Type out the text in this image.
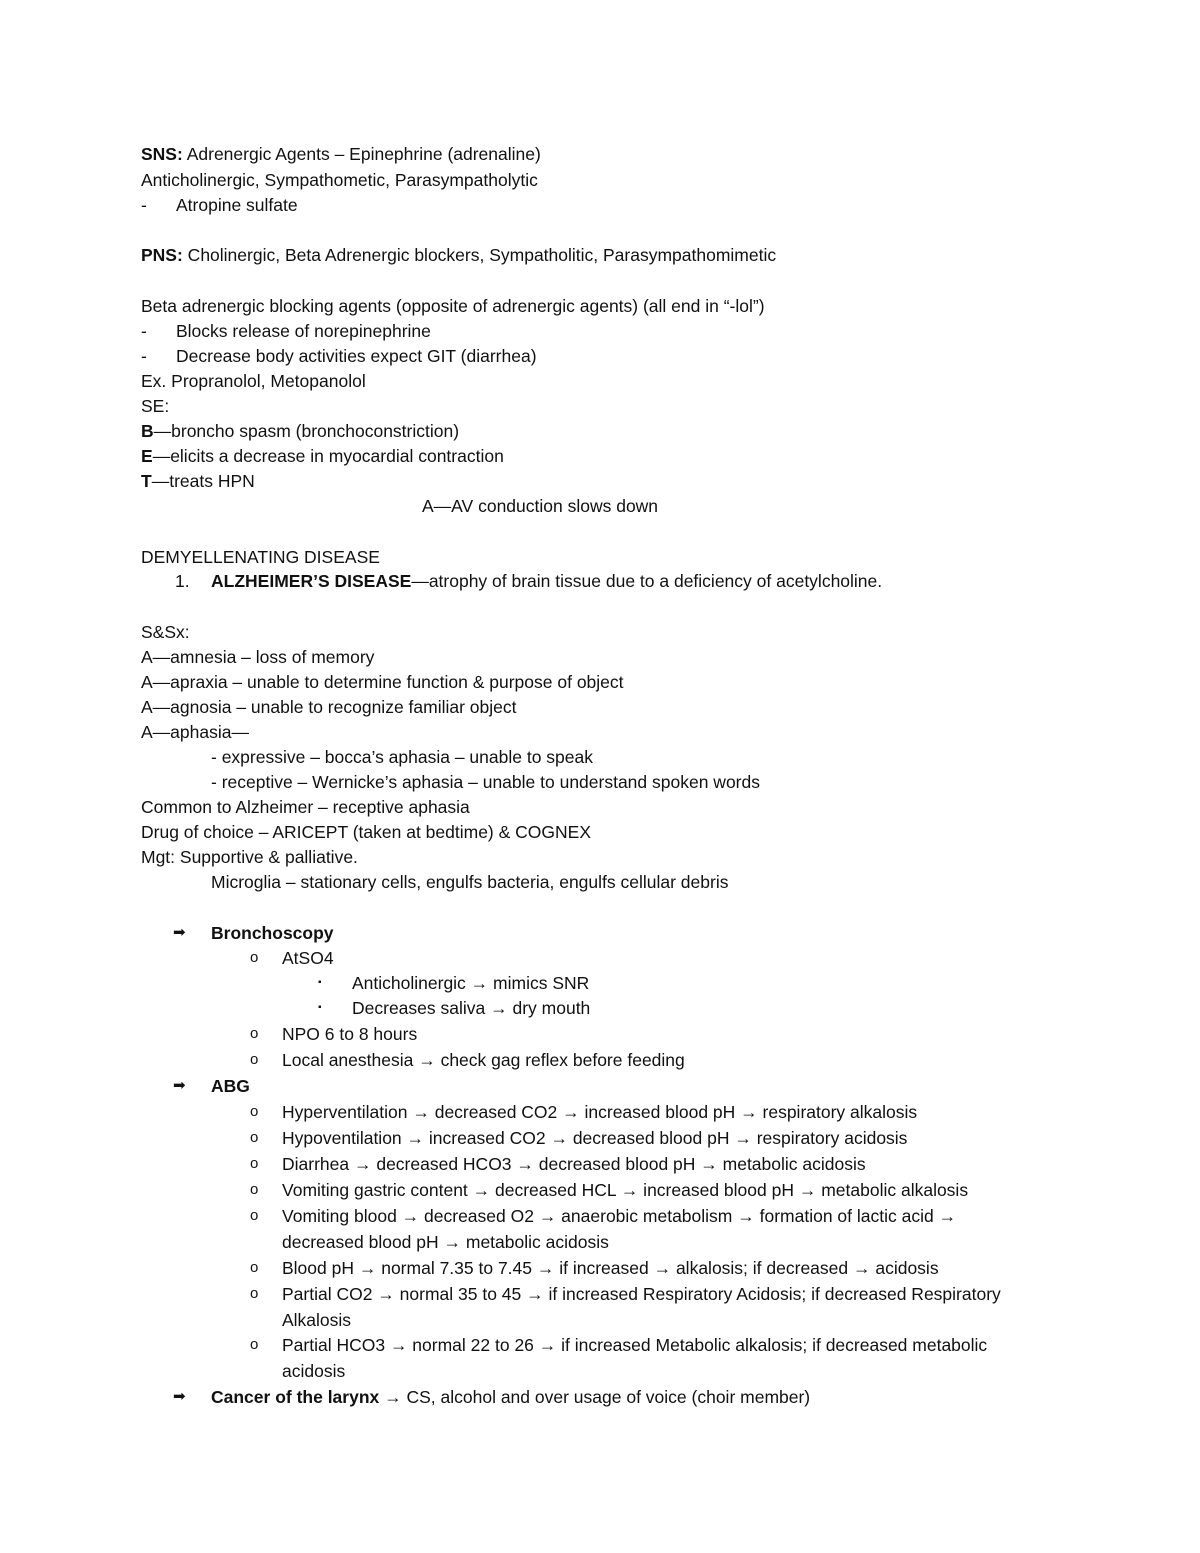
SNS: Adrenergic Agents – Epinephrine (adrenaline)
Anticholinergic, Sympathometic, Parasympatholytic
- Atropine sulfate
PNS: Cholinergic, Beta Adrenergic blockers, Sympatholitic, Parasympathomimetic
Beta adrenergic blocking agents (opposite of adrenergic agents) (all end in “-lol”)
- Blocks release of norepinephrine
- Decrease body activities expect GIT (diarrhea)
Ex. Propranolol, Metopanolol
SE:
B—broncho spasm (bronchoconstriction)
E—elicits a decrease in myocardial contraction
T—treats HPN
A—AV conduction slows down
DEMYELLENATING DISEASE
1. ALZHEIMER’S DISEASE—atrophy of brain tissue due to a deficiency of acetylcholine.
S&Sx:
A—amnesia – loss of memory
A—apraxia – unable to determine function & purpose of object
A—agnosia – unable to recognize familiar object
A—aphasia—
- expressive – bocca’s aphasia – unable to speak
- receptive – Wernicke’s aphasia – unable to understand spoken words
Common to Alzheimer – receptive aphasia
Drug of choice – ARICEPT (taken at bedtime) & COGNEX
Mgt: Supportive & palliative.
Microglia – stationary cells, engulfs bacteria, engulfs cellular debris
➡ Bronchoscopy
o AtSO4
▪ Anticholinergic → mimics SNR
▪ Decreases saliva → dry mouth
o NPO 6 to 8 hours
o Local anesthesia → check gag reflex before feeding
➡ ABG
o Hyperventilation → decreased CO2 → increased blood pH → respiratory alkalosis
o Hypoventilation → increased CO2 → decreased blood pH → respiratory acidosis
o Diarrhea → decreased HCO3 → decreased blood pH → metabolic acidosis
o Vomiting gastric content → decreased HCL → increased blood pH → metabolic alkalosis
o Vomiting blood → decreased O2 → anaerobic metabolism → formation of lactic acid →
decreased blood pH → metabolic acidosis
o Blood pH → normal 7.35 to 7.45 → if increased → alkalosis; if decreased → acidosis
o Partial CO2 → normal 35 to 45 → if increased Respiratory Acidosis; if decreased Respiratory
Alkalosis
o Partial HCO3 → normal 22 to 26 → if increased Metabolic alkalosis; if decreased metabolic
acidosis
➡ Cancer of the larynx → CS, alcohol and over usage of voice (choir member)
